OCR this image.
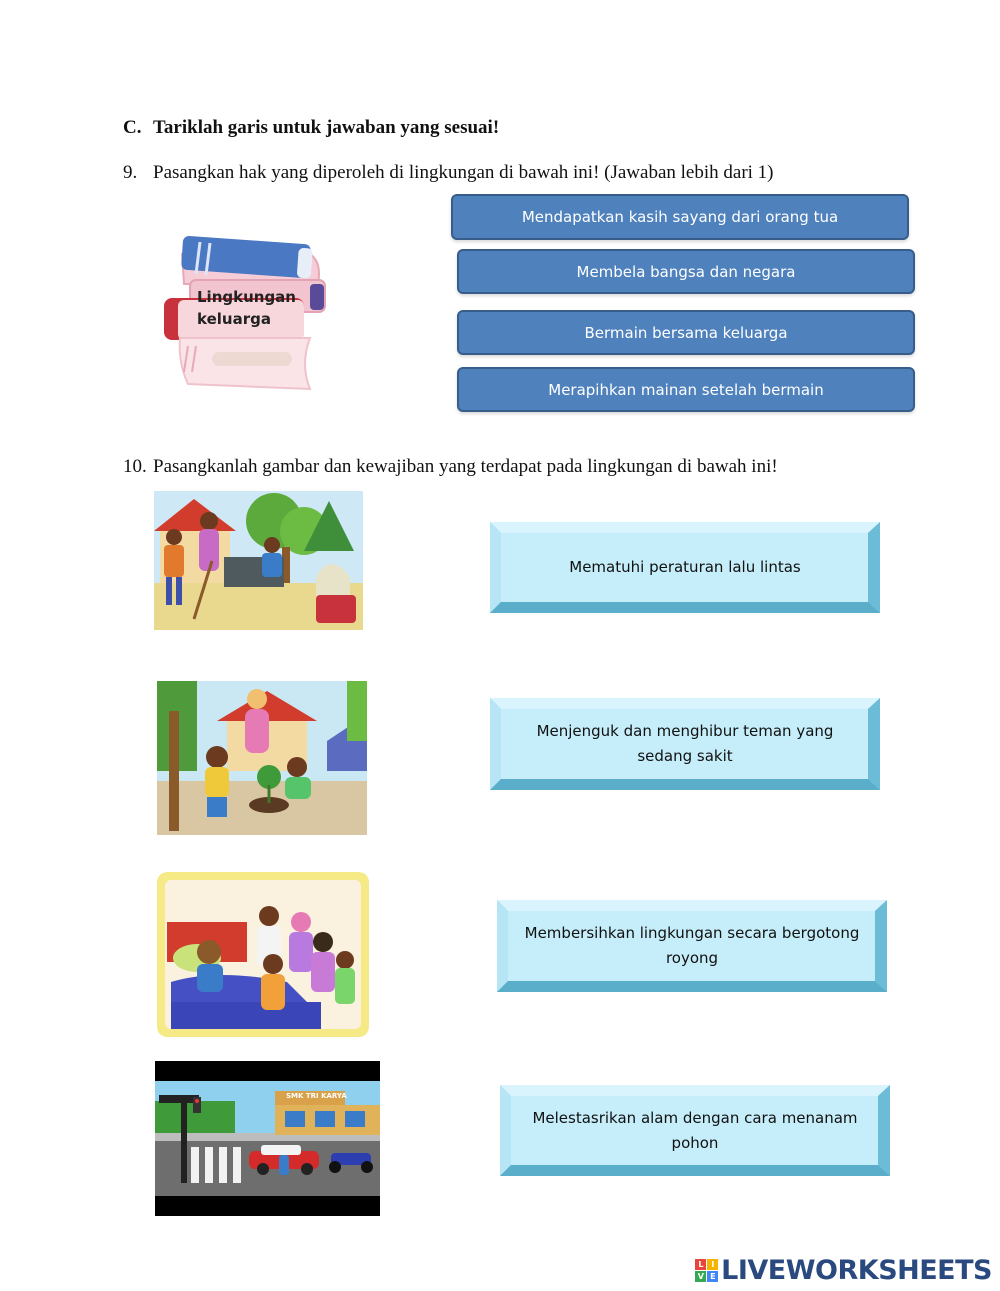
C. Tariklah garis untuk jawaban yang sesuai!
9. Pasangkan hak yang diperoleh di lingkungan di bawah ini! (Jawaban lebih dari 1)
Lingkungan
keluarga
Mendapatkan kasih sayang dari orang tua
Membela bangsa dan negara
Bermain bersama keluarga
Merapihkan mainan setelah bermain
10. Pasangkanlah gambar dan kewajiban yang terdapat pada lingkungan di bawah ini!
SMK TRI KARYA
Mematuhi peraturan lalu lintas
Menjenguk dan menghibur teman yang
sedang sakit
Membersihkan lingkungan secara bergotong
royong
Melestasrikan alam dengan cara menanam
pohon
L	I
V E LIVEWORKSHEETS
